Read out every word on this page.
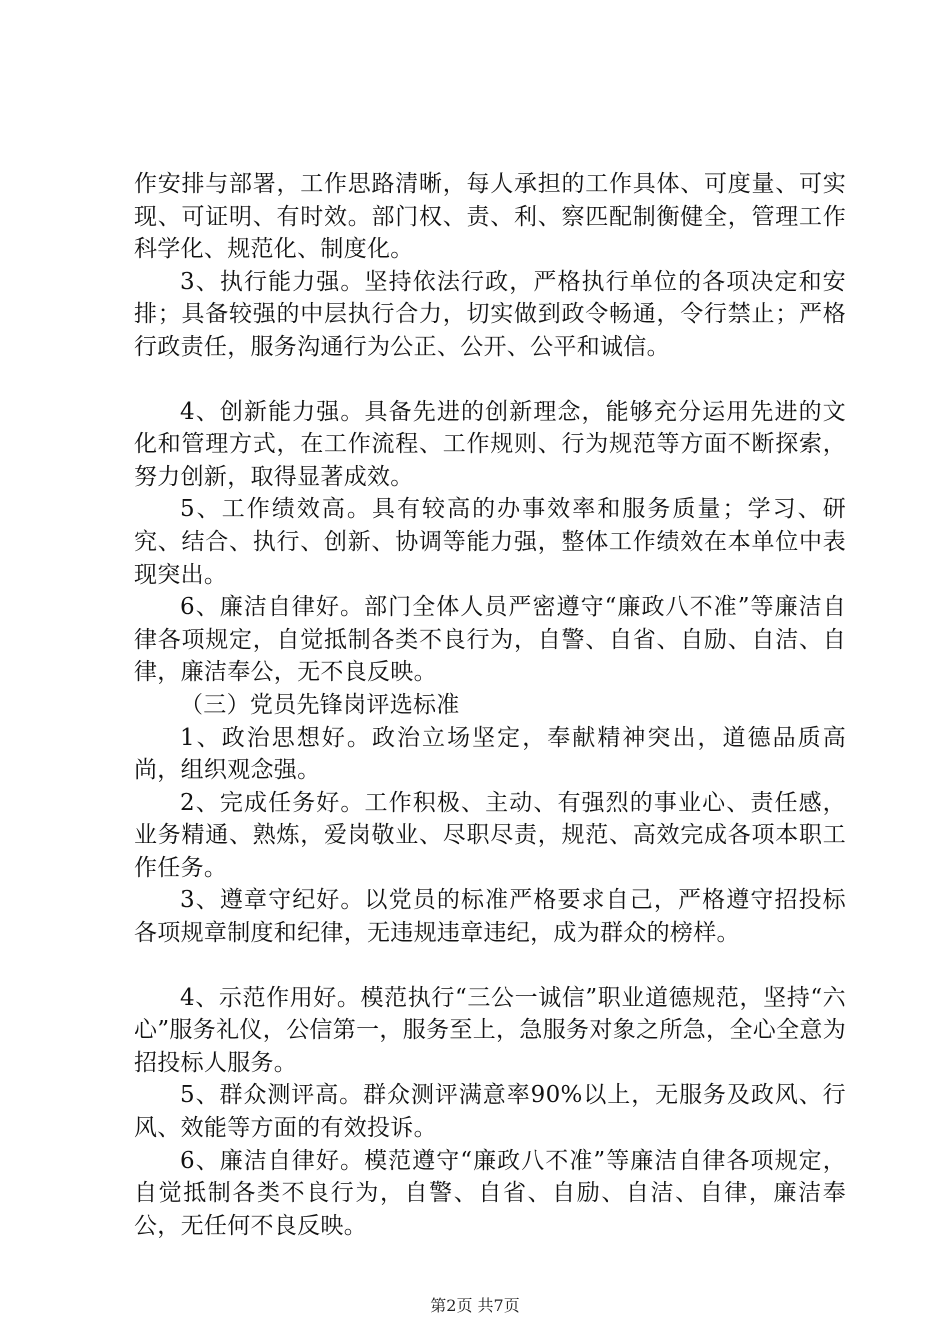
作安排与部署，工作思路清晰，每人承担的工作具体、可度量、可实现、可证明、有时效。部门权、责、利、察匹配制衡健全，管理工作科学化、规范化、制度化。

3、执行能力强。坚持依法行政，严格执行单位的各项决定和安排；具备较强的中层执行合力，切实做到政令畅通，令行禁止；严格行政责任，服务沟通行为公正、公开、公平和诚信。

4、创新能力强。具备先进的创新理念，能够充分运用先进的文化和管理方式，在工作流程、工作规则、行为规范等方面不断探索，努力创新，取得显著成效。

5、工作绩效高。具有较高的办事效率和服务质量；学习、研究、结合、执行、创新、协调等能力强，整体工作绩效在本单位中表现突出。

6、廉洁自律好。部门全体人员严密遵守“廉政八不准”等廉洁自律各项规定，自觉抵制各类不良行为，自警、自省、自励、自洁、自律，廉洁奉公，无不良反映。

（三）党员先锋岗评选标准

1、政治思想好。政治立场坚定，奉献精神突出，道德品质高尚，组织观念强。

2、完成任务好。工作积极、主动、有强烈的事业心、责任感，业务精通、熟炼，爱岗敬业、尽职尽责，规范、高效完成各项本职工作任务。

3、遵章守纪好。以党员的标准严格要求自己，严格遵守招投标各项规章制度和纪律，无违规违章违纪，成为群众的榜样。

4、示范作用好。模范执行“三公一诚信”职业道德规范，坚持“六心”服务礼仪，公信第一，服务至上，急服务对象之所急，全心全意为招投标人服务。

5、群众测评高。群众测评满意率90%以上，无服务及政风、行风、效能等方面的有效投诉。

6、廉洁自律好。模范遵守“廉政八不准”等廉洁自律各项规定，自觉抵制各类不良行为，自警、自省、自励、自洁、自律，廉洁奉公，无任何不良反映。

第2页 共7页
